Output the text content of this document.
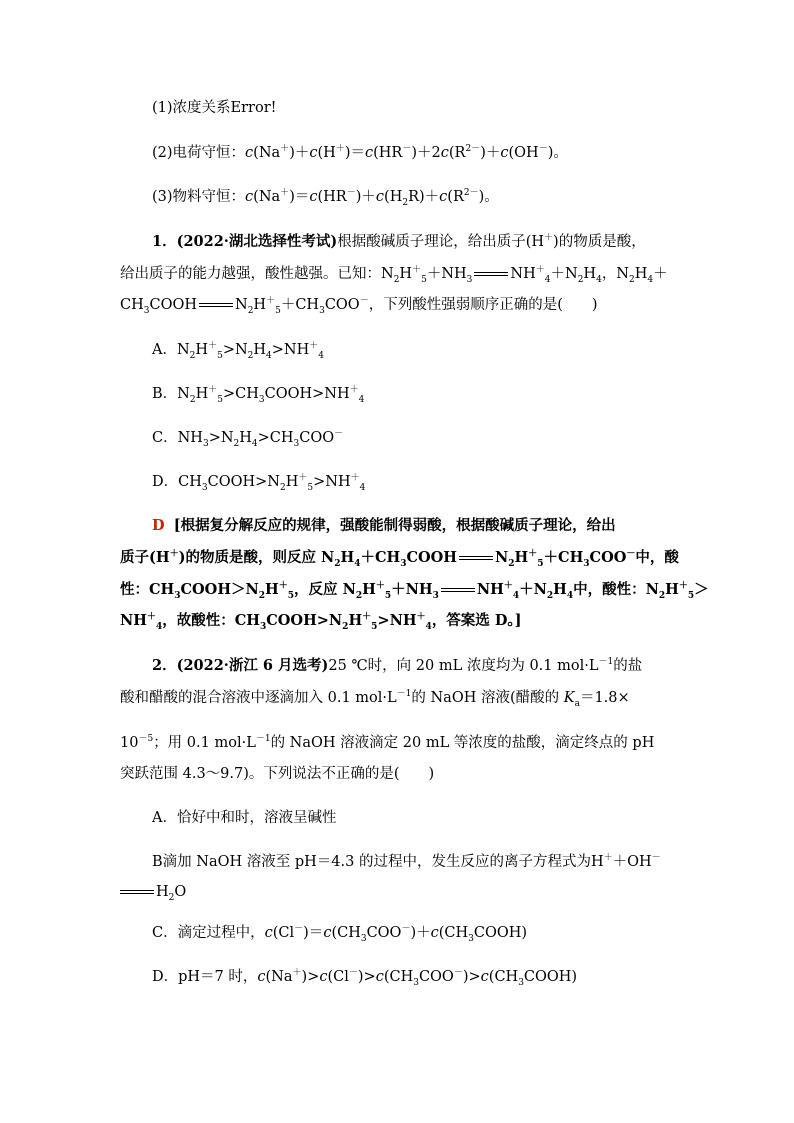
(1)浓度关系Error!
(2)电荷守恒：$c(Na^+)+c(H^+)=c(HR^-)+2c(R^{2-})+c(OH^-)$。
(3)物料守恒：$c(Na^+)=c(HR^-)+c(H_2R)+c(R^{2-})$。
1．(2022·湖北选择性考试)根据酸碱质子理论，给出质子(H＋)的物质是酸，
给出质子的能力越强，酸性越强。已知：$N_2H^+_5+NH_3$	$NH^+_4+N_2H_4$，$N_2H_4+$
$CH_3COOH$	$N_2H^+_5+CH_3COO^-$，下列酸性强弱顺序正确的是(　　)
A．$N_2H^+_5>N_2H_4>NH^+_4$
B．$N_2H^+_5>CH_3COOH>NH^+_4$
C．$NH_3>N_2H_4>CH_3COO^-$
D．$CH_3COOH>N_2H^+_5>NH^+_4$
D [根据复分解反应的规律，强酸能制得弱酸，根据酸碱质子理论，给出
质子(H＋)的物质是酸，则反应 $N_2H_4+CH_3COOH$	$N_2H^+_5+CH_3COO^-$中，酸
性：$CH_3COOH>N_2H^+_5$，反应 $N_2H^+_5+NH_3$	$NH^+_4+N_2H_4$中，酸性：$N_2H^+_5>$
$NH^+_4$，故酸性：$CH_3COOH>N_2H^+_5>NH^+_4$，答案选 D。]
2．(2022·浙江 6 月选考)25 ℃时，向 20 mL 浓度均为 0.1 $mol\cdot L^{-1}$的盐
酸和醋酸的混合溶液中逐滴加入 0.1 $mol\cdot L^{-1}$的 NaOH 溶液(醋酸的 $K_a=1.8\times$
$10^{-5}$；用 0.1 $mol\cdot L^{-1}$的 NaOH 溶液滴定 20 mL 等浓度的盐酸，滴定终点的 pH
突跃范围 4.3～9.7)。下列说法不正确的是(　　)
A．恰好中和时，溶液呈碱性
B滴加 NaOH 溶液至 pH＝4.3 的过程中，发生反应的离子方程式为H＋＋OH－
$H_2O$
C．滴定过程中，$c(Cl^-)=c(CH_3COO^-)+c(CH_3COOH)$
D．pH＝7 时，$c(Na^+)>c(Cl^-)>c(CH_3COO^-)>c(CH_3COOH)$
